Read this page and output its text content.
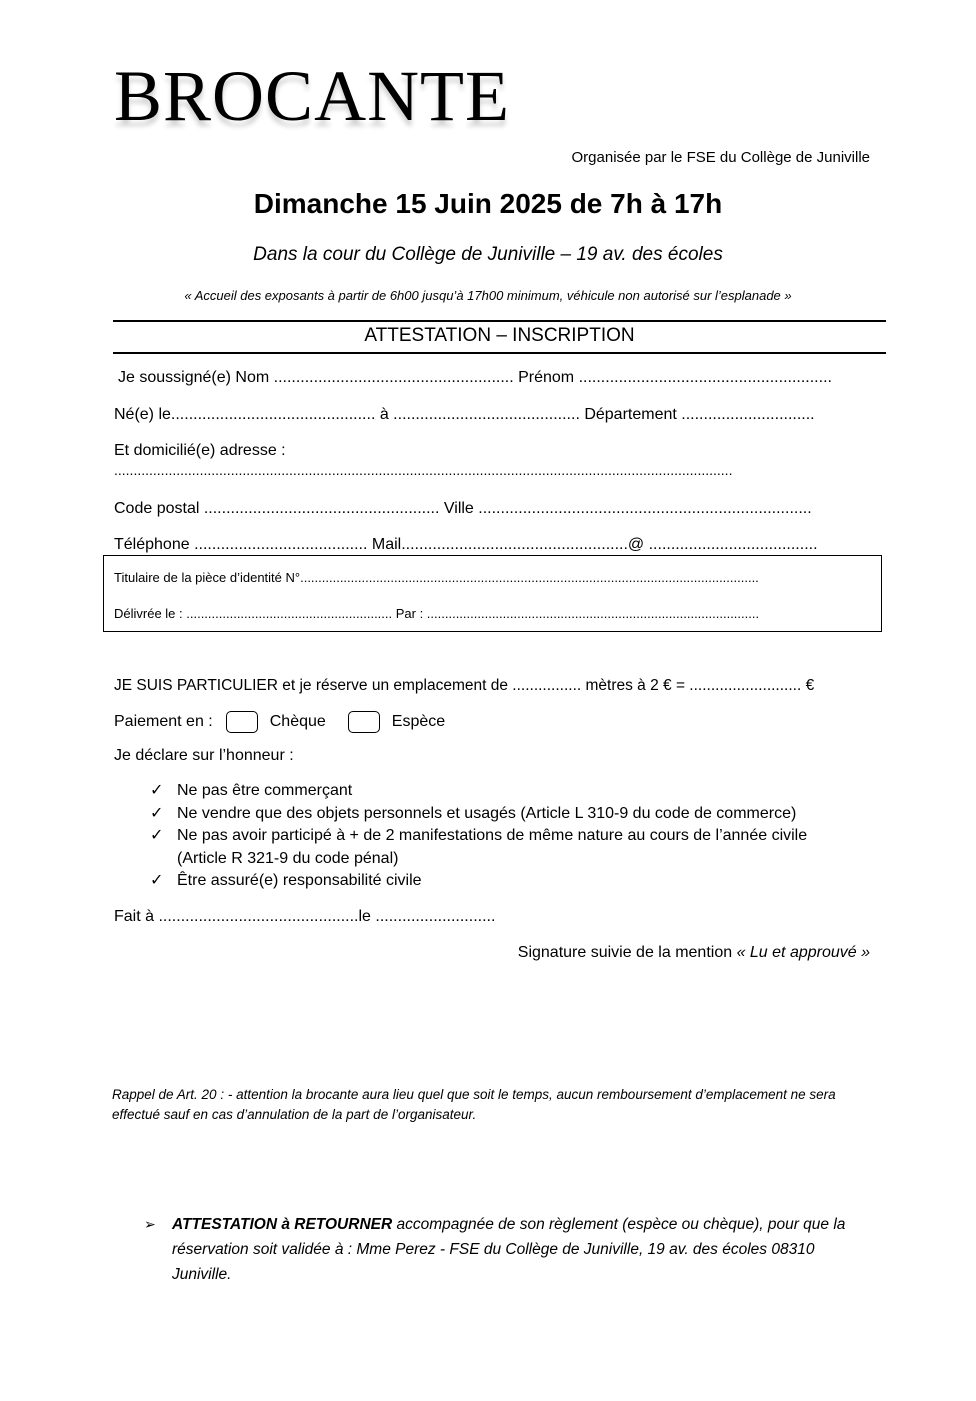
BROCANTE
Organisée par le FSE du Collège de Juniville
Dimanche 15 Juin 2025 de 7h à 17h
Dans la cour du Collège de Juniville – 19 av. des écoles
« Accueil des exposants à partir de 6h00 jusqu’à 17h00 minimum, véhicule non autorisé sur l’esplanade »
ATTESTATION – INSCRIPTION
Je soussigné(e) Nom ...................................................... Prénom .........................................................
Né(e) le.............................................. à .......................................... Département ..............................
Et domicilié(e) adresse :
...............................................................................................................................................................
Code postal ..................................................... Ville ...........................................................................
Téléphone ....................................... Mail...................................................@ ......................................
Titulaire de la pièce d’identité N°...............................................................................................................................
Délivrée le : ......................................................... Par : ............................................................................................
JE SUIS PARTICULIER et je réserve un emplacement de ................ mètres à 2 € = .......................... €
Paiement en :	Chèque	Espèce
Je déclare sur l’honneur :
✓ Ne pas être commerçant
✓ Ne vendre que des objets personnels et usagés (Article L 310-9 du code de commerce)
✓ Ne pas avoir participé à + de 2 manifestations de même nature au cours de l’année civile (Article R 321-9 du code pénal)
✓ Être assuré(e) responsabilité civile
Fait à .............................................le ...........................
Signature suivie de la mention « Lu et approuvé »
Rappel de Art. 20 : - attention la brocante aura lieu quel que soit le temps, aucun remboursement d’emplacement ne sera effectué sauf en cas d’annulation de la part de l’organisateur.
➢ ATTESTATION à RETOURNER accompagnée de son règlement (espèce ou chèque), pour que la réservation soit validée à : Mme Perez - FSE du Collège de Juniville, 19 av. des écoles 08310 Juniville.
